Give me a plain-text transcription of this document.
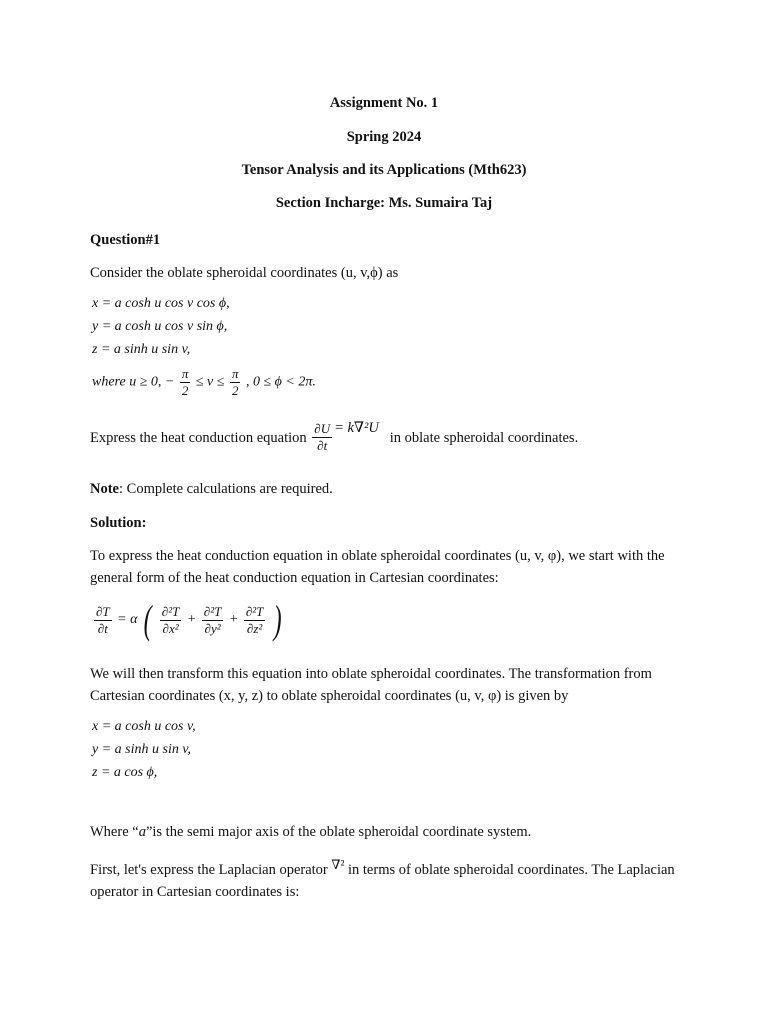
Assignment No. 1
Spring 2024
Tensor Analysis and its Applications (Mth623)
Section Incharge: Ms. Sumaira Taj
Question#1
Consider the oblate spheroidal coordinates (u, v,ϕ) as
x = a cosh u cos v cos ϕ,
y = a cosh u cos v sin ϕ,
z = a sinh u sin v,
where u ≥ 0, − $\frac{\pi}{2} \le v \le \frac{\pi}{2}$ , 0 ≤ ϕ < 2π.
Express the heat conduction equation $\frac{\partial U}{\partial t} = k\nabla^2U$   in oblate spheroidal coordinates.
Note: Complete calculations are required.
Solution:
To express the heat conduction equation in oblate spheroidal coordinates (u, v, φ), we start with the general form of the heat conduction equation in Cartesian coordinates:
$\frac{\partial T}{\partial t} = \alpha$ ( $\frac{\text{∂²T}}{\text{∂x²}} + \frac{\text{∂²T}}{\text{∂y²}} + \frac{\text{∂²T}}{\text{∂z²}}$ )
We will then transform this equation into oblate spheroidal coordinates. The transformation from Cartesian coordinates (x, y, z) to oblate spheroidal coordinates (u, v, φ) is given by
x = a cosh u cos v,
y = a sinh u sin v,
z = a cos ϕ,
Where “a”is the semi major axis of the oblate spheroidal coordinate system.
First, let's express the Laplacian operator ∇² in terms of oblate spheroidal coordinates. The Laplacian operator in Cartesian coordinates is:
